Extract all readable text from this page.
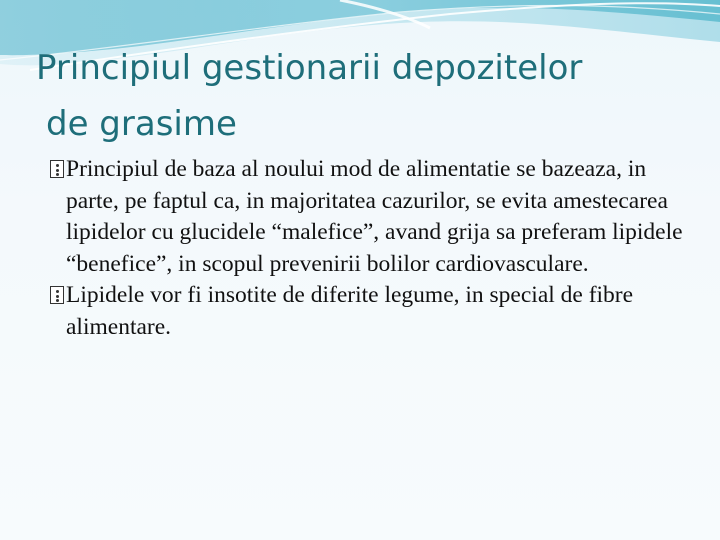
Principiul gestionarii depozitelor
de grasime
Principiul de baza al noului mod de alimentatie se bazeaza, in parte, pe faptul ca, in majoritatea cazurilor, se evita amestecarea lipidelor cu glucidele “malefice”, avand grija sa preferam lipidele “benefice”, in scopul prevenirii bolilor cardiovasculare.
Lipidele vor fi insotite de diferite legume, in special de fibre alimentare.
